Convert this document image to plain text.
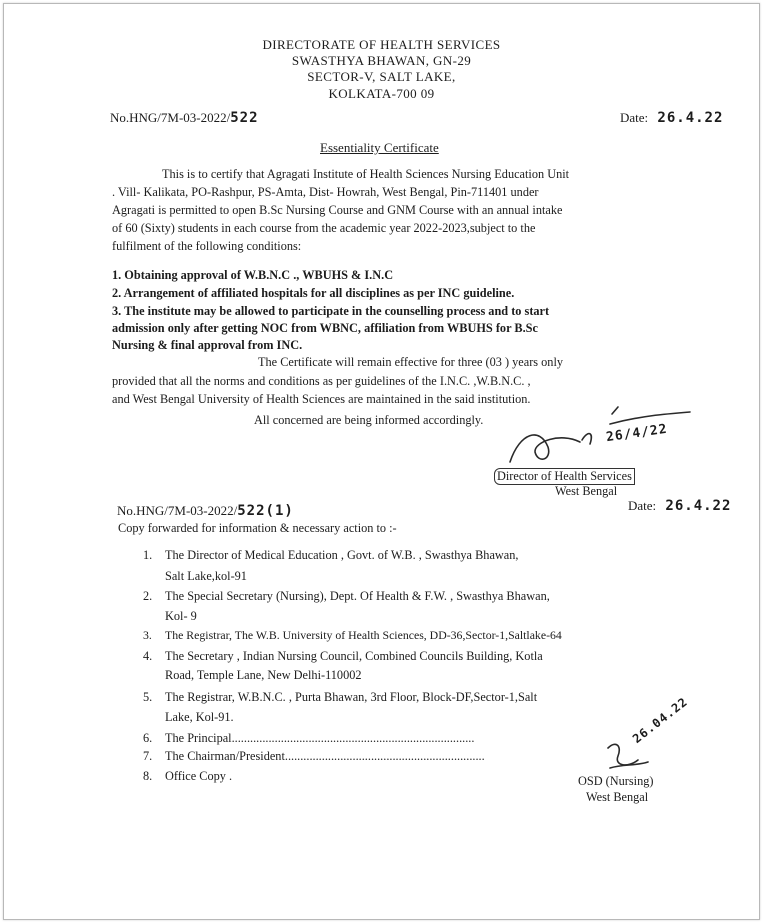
DIRECTORATE OF HEALTH SERVICES
SWASTHYA BHAWAN, GN-29
SECTOR-V, SALT LAKE,
KOLKATA-700 09
No.HNG/7M-03-2022/522	Date: 26.4.22
Essentiality Certificate
This is to certify that Agragati Institute of Health Sciences Nursing Education Unit
. Vill- Kalikata, PO-Rashpur, PS-Amta, Dist- Howrah, West Bengal, Pin-711401 under
Agragati is permitted to open B.Sc Nursing Course and GNM Course with an annual intake
of 60 (Sixty) students in each course from the academic year 2022-2023,subject to the
fulfilment of the following conditions:
1. Obtaining approval of W.B.N.C ., WBUHS & I.N.C
2. Arrangement of affiliated hospitals for all disciplines as per INC guideline.
3. The institute may be allowed to participate in the counselling process and to start
admission only after getting NOC from WBNC, affiliation from WBUHS for B.Sc
Nursing & final approval from INC.
The Certificate will remain effective for three (03 ) years only
provided that all the norms and conditions as per guidelines of the I.N.C. ,W.B.N.C. ,
and West Bengal University of Health Sciences are maintained in the said institution.
All concerned are being informed accordingly.
26/4/22
Director of Health Services
West Bengal
No.HNG/7M-03-2022/522(1)	Date: 26.4.22
Copy forwarded for information & necessary action to :-
1. The Director of Medical Education , Govt. of W.B. , Swasthya Bhawan,
Salt Lake,kol-91
2. The Special Secretary (Nursing), Dept. Of Health & F.W. , Swasthya Bhawan,
Kol- 9
3. The Registrar, The W.B. University of Health Sciences, DD-36,Sector-1,Saltlake-64
4. The Secretary , Indian Nursing Council, Combined Councils Building, Kotla
Road, Temple Lane, New Delhi-110002
5. The Registrar, W.B.N.C. , Purta Bhawan, 3rd Floor, Block-DF,Sector-1,Salt
Lake, Kol-91.
6. The Principal...............................................................................
7. The Chairman/President.................................................................
8. Office Copy .
26.04.22
OSD (Nursing)
West Bengal
